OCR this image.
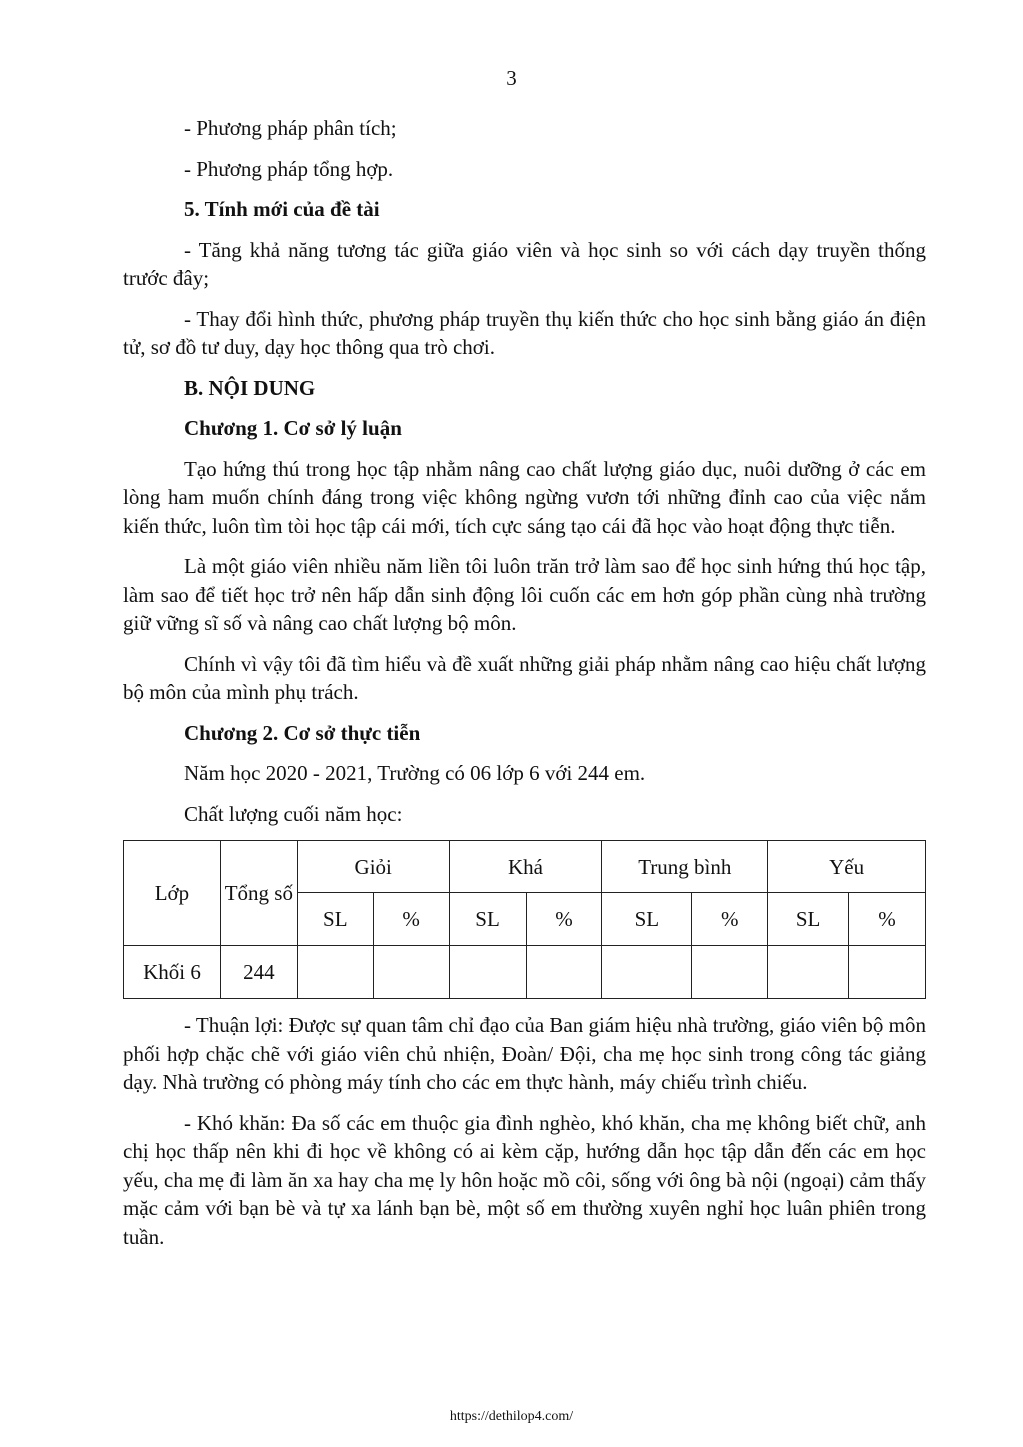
3

- Phương pháp phân tích;

- Phương pháp tổng hợp.

5. Tính mới của đề tài

- Tăng khả năng tương tác giữa giáo viên và học sinh so với cách dạy truyền thống trước đây;

- Thay đổi hình thức, phương pháp truyền thụ kiến thức cho học sinh bằng giáo án điện tử, sơ đồ tư duy, dạy học thông qua trò chơi.

B. NỘI DUNG

Chương 1. Cơ sở lý luận

Tạo hứng thú trong học tập nhằm nâng cao chất lượng giáo dục, nuôi dưỡng ở các em lòng ham muốn chính đáng trong việc không ngừng vươn tới những đỉnh cao của việc nắm kiến thức, luôn tìm tòi học tập cái mới, tích cực sáng tạo cái đã học vào hoạt động thực tiễn.

Là một giáo viên nhiều năm liền tôi luôn trăn trở làm sao để học sinh hứng thú học tập, làm sao để tiết học trở nên hấp dẫn sinh động lôi cuốn các em hơn góp phần cùng nhà trường giữ vững sĩ số và nâng cao chất lượng bộ môn.

Chính vì vậy tôi đã tìm hiểu và đề xuất những giải pháp nhằm nâng cao hiệu chất lượng bộ môn của mình phụ trách.

Chương 2. Cơ sở thực tiễn

Năm học 2020 - 2021, Trường có 06 lớp 6 với 244 em.

Chất lượng cuối năm học:

Lớp	Tổng số	Giỏi		Khá		Trung bình		Yếu	
		SL	%	SL	%	SL	%	SL	%
Khối 6	244								

- Thuận lợi: Được sự quan tâm chỉ đạo của Ban giám hiệu nhà trường, giáo viên bộ môn phối hợp chặc chẽ với giáo viên chủ nhiện, Đoàn/ Đội, cha mẹ học sinh trong công tác giảng dạy. Nhà trường có phòng máy tính cho các em thực hành, máy chiếu trình chiếu.

- Khó khăn: Đa số các em thuộc gia đình nghèo, khó khăn, cha mẹ không biết chữ, anh chị học thấp nên khi đi học về không có ai kèm cặp, hướng dẫn học tập dẫn đến các em học yếu, cha mẹ đi làm ăn xa hay cha mẹ ly hôn hoặc mồ côi, sống với ông bà nội (ngoại) cảm thấy mặc cảm với bạn bè và tự xa lánh bạn bè, một số em thường xuyên nghỉ học luân phiên trong tuần.

https://dethilop4.com/
